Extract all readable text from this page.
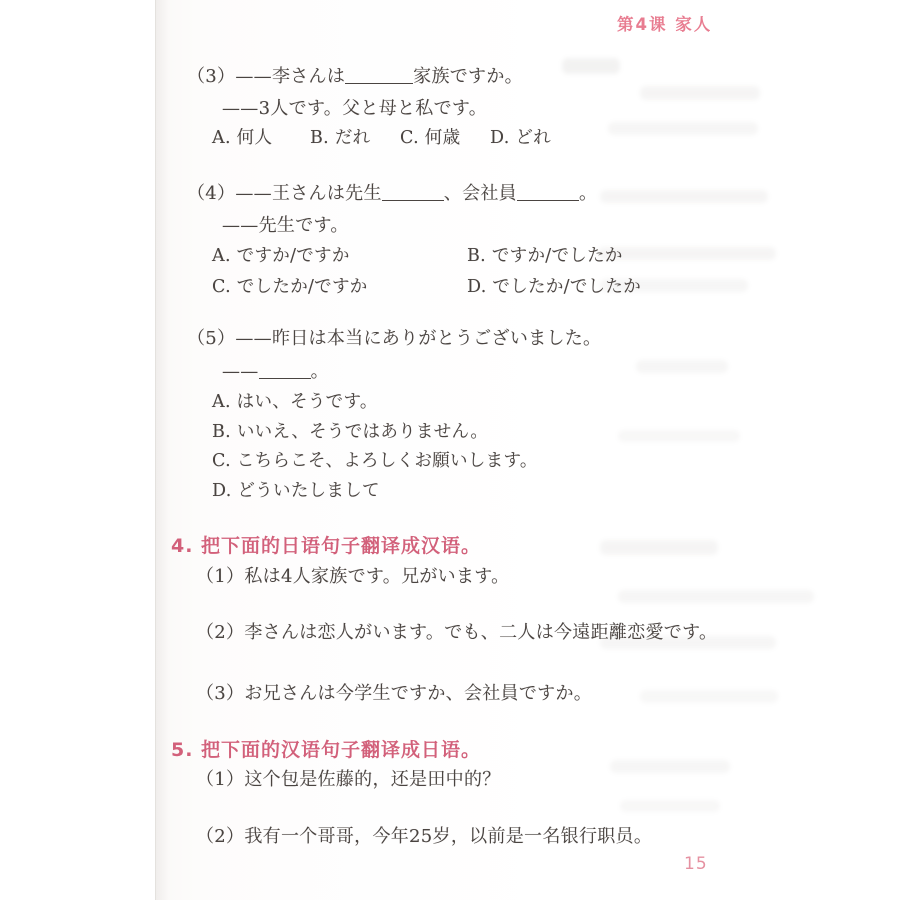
第4课 家人
（3）——李さんは	家族ですか。
——3人です。父と母と私です。
A. 何人 B. だれ C. 何歳 D. どれ
（4）——王さんは先生	、会社員	。
——先生です。
A. ですか/ですか	B. ですか/でしたか
C. でしたか/ですか	D. でしたか/でしたか
（5）——昨日は本当にありがとうございました。
——	。
A. はい、そうです。
B. いいえ、そうではありません。
C. こちらこそ、よろしくお願いします。
D. どういたしまして
4. 把下面的日语句子翻译成汉语。
（1）私は4人家族です。兄がいます。
（2）李さんは恋人がいます。でも、二人は今遠距離恋愛です。
（3）お兄さんは今学生ですか、会社員ですか。
5. 把下面的汉语句子翻译成日语。
（1）这个包是佐藤的，还是田中的？
（2）我有一个哥哥，今年25岁，以前是一名银行职员。
15
